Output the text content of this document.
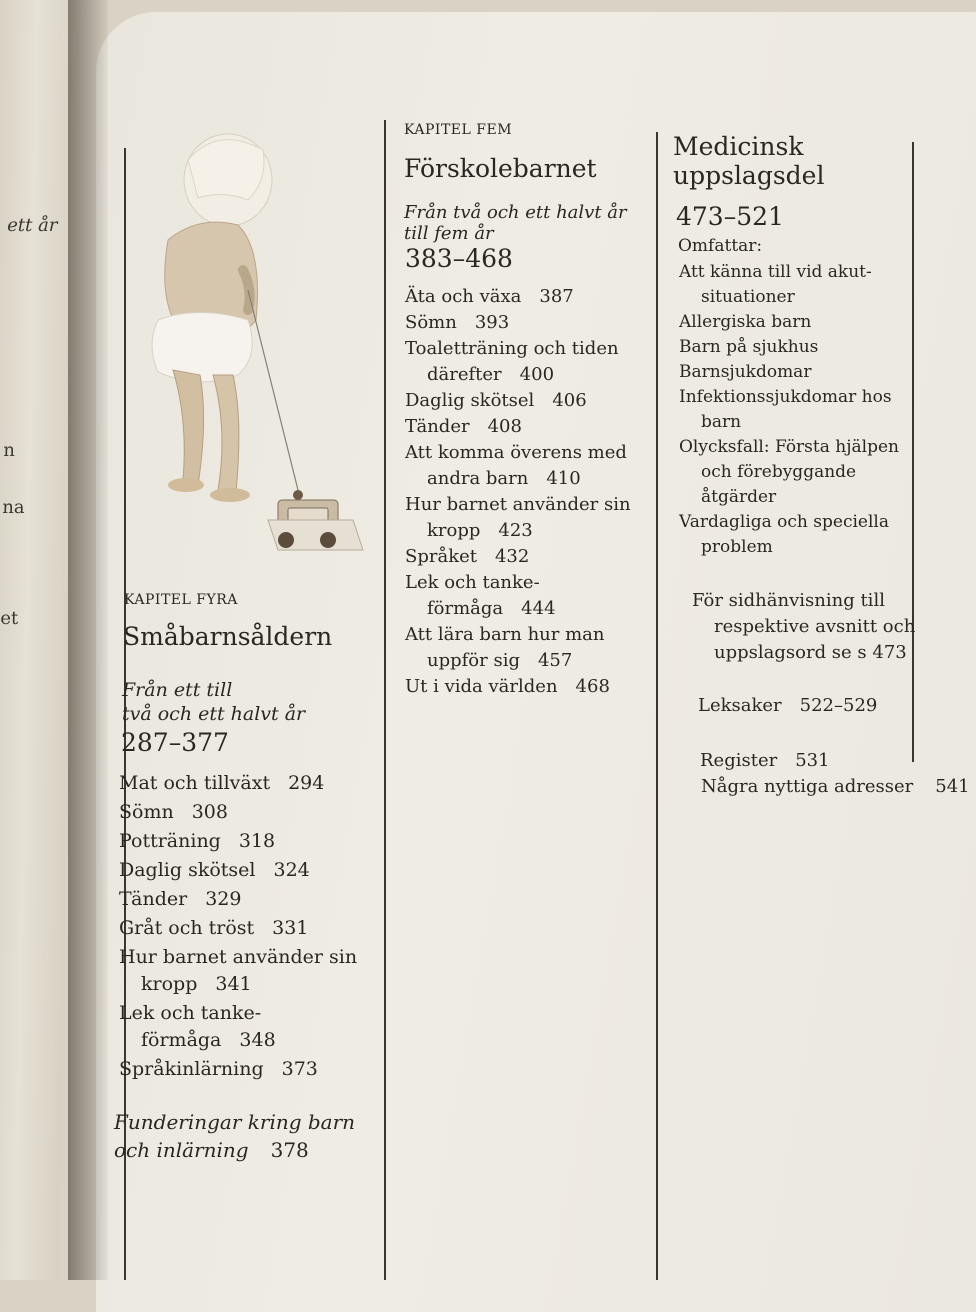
ett år
n
na
et
KAPITEL FYRA
Småbarnsåldern
Från ett till
två och ett halvt år
287–377
Mat och tillväxt 294
Sömn 308
Potträning 318
Daglig skötsel 324
Tänder 329
Gråt och tröst 331
Hur barnet använder sin
kropp 341
Lek och tanke-
förmåga 348
Språkinlärning 373
Funderingar kring barn
och inlärning 378
KAPITEL FEM
Förskolebarnet
Från två och ett halvt år
till fem år
383–468
Äta och växa 387
Sömn 393
Toaletträning och tiden
därefter 400
Daglig skötsel 406
Tänder 408
Att komma överens med
andra barn 410
Hur barnet använder sin
kropp 423
Språket 432
Lek och tanke-
förmåga 444
Att lära barn hur man
uppför sig 457
Ut i vida världen 468
Medicinsk
uppslagsdel
473–521
Omfattar:
Att känna till vid akut-
situationer
Allergiska barn
Barn på sjukhus
Barnsjukdomar
Infektionssjukdomar hos
barn
Olycksfall: Första hjälpen
och förebyggande
åtgärder
Vardagliga och speciella
problem
För sidhänvisning till
respektive avsnitt och
uppslagsord se s 473
Leksaker 522–529
Register 531
Några nyttiga adresser 541
